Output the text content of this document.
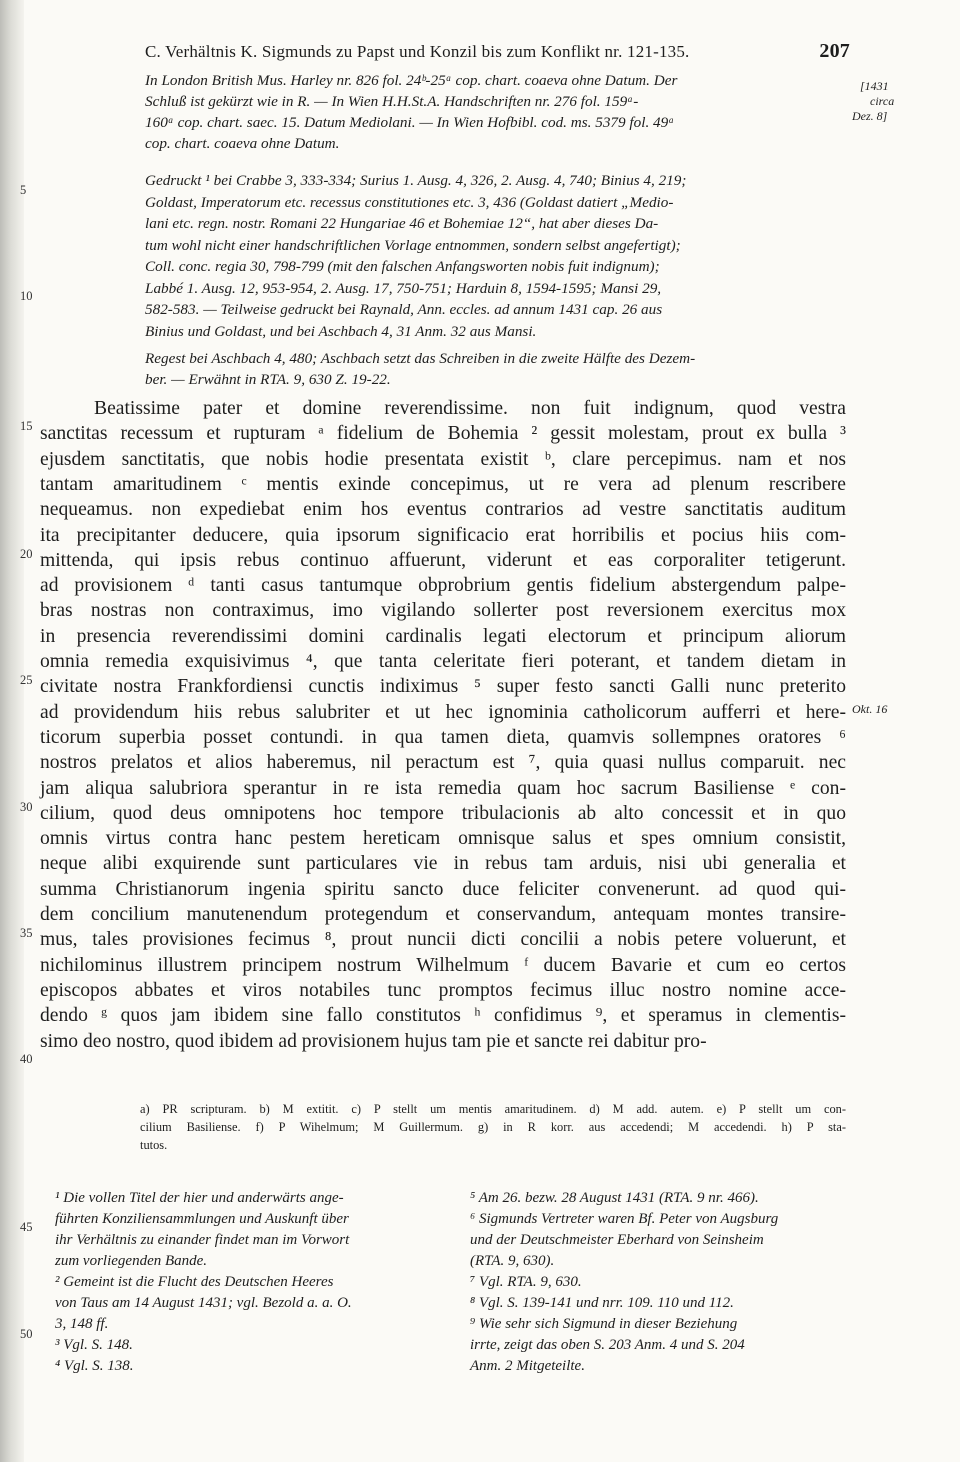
C. Verhältnis K. Sigmunds zu Papst und Konzil bis zum Konflikt nr. 121-135.	207
In London British Mus. Harley nr. 826 fol. 24ᵇ-25ᵃ cop. chart. coaeva ohne Datum. Der
Schluß ist gekürzt wie in R. — In Wien H.H.St.A. Handschriften nr. 276 fol. 159ᵃ-
160ᵃ cop. chart. saec. 15. Datum Mediolani. — In Wien Hofbibl. cod. ms. 5379 fol. 49ᵃ
cop. chart. coaeva ohne Datum.
Gedruckt ¹ bei Crabbe 3, 333-334; Surius 1. Ausg. 4, 326, 2. Ausg. 4, 740; Binius 4, 219;
Goldast, Imperatorum etc. recessus constitutiones etc. 3, 436 (Goldast datiert „Medio-
lani etc. regn. nostr. Romani 22 Hungariae 46 et Bohemiae 12“, hat aber dieses Da-
tum wohl nicht einer handschriftlichen Vorlage entnommen, sondern selbst angefertigt);
Coll. conc. regia 30, 798-799 (mit den falschen Anfangsworten nobis fuit indignum);
Labbé 1. Ausg. 12, 953-954, 2. Ausg. 17, 750-751; Harduin 8, 1594-1595; Mansi 29,
582-583. — Teilweise gedruckt bei Raynald, Ann. eccles. ad annum 1431 cap. 26 aus
Binius und Goldast, und bei Aschbach 4, 31 Anm. 32 aus Mansi.
Regest bei Aschbach 4, 480; Aschbach setzt das Schreiben in die zweite Hälfte des Dezem-
ber. — Erwähnt in RTA. 9, 630 Z. 19-22.
Beatissime pater et domine reverendissime. non fuit indignum, quod vestra
sanctitas recessum et rupturam ᵃ fidelium de Bohemia ² gessit molestam, prout ex bulla ³
ejusdem sanctitatis, que nobis hodie presentata existit ᵇ, clare percepimus. nam et nos
tantam amaritudinem ᶜ mentis exinde concepimus, ut re vera ad plenum rescribere
nequeamus. non expediebat enim hos eventus contrarios ad vestre sanctitatis auditum
ita precipitanter deducere, quia ipsorum significacio erat horribilis et pocius hiis com-
mittenda, qui ipsis rebus continuo affuerunt, viderunt et eas corporaliter tetigerunt.
ad provisionem ᵈ tanti casus tantumque obprobrium gentis fidelium abstergendum palpe-
bras nostras non contraximus, imo vigilando sollerter post reversionem exercitus mox
in presencia reverendissimi domini cardinalis legati electorum et principum aliorum
omnia remedia exquisivimus ⁴, que tanta celeritate fieri poterant, et tandem dietam in
civitate nostra Frankfordiensi cunctis indiximus ⁵ super festo sancti Galli nunc preterito
ad providendum hiis rebus salubriter et ut hec ignominia catholicorum aufferri et here-
ticorum superbia posset contundi. in qua tamen dieta, quamvis sollempnes oratores ⁶
nostros prelatos et alios haberemus, nil peractum est ⁷, quia quasi nullus comparuit. nec
jam aliqua salubriora sperantur in re ista remedia quam hoc sacrum Basiliense ᵉ con-
cilium, quod deus omnipotens hoc tempore tribulacionis ab alto concessit et in quo
omnis virtus contra hanc pestem hereticam omnisque salus et spes omnium consistit,
neque alibi exquirende sunt particulares vie in rebus tam arduis, nisi ubi generalia et
summa Christianorum ingenia spiritu sancto duce feliciter convenerunt. ad quod qui-
dem concilium manutenendum protegendum et conservandum, antequam montes transire-
mus, tales provisiones fecimus ⁸, prout nuncii dicti concilii a nobis petere voluerunt, et
nichilominus illustrem principem nostrum Wilhelmum ᶠ ducem Bavarie et cum eo certos
episcopos abbates et viros notabiles tunc promptos fecimus illuc nostro nomine acce-
dendo ᵍ quos jam ibidem sine fallo constitutos ʰ confidimus ⁹, et speramus in clementis-
simo deo nostro, quod ibidem ad provisionem hujus tam pie et sancte rei dabitur pro-
5
10
15
20
25
30
35
40
45
50
[1431
circa
Dez. 8]
Okt. 16
a) PR scripturam. b) M extitit. c) P stellt um mentis amaritudinem. d) M add. autem. e) P stellt um con-
cilium Basiliense. f) P Wihelmum; M Guillermum. g) in R korr. aus accedendi; M accedendi. h) P sta-
tutos.
¹ Die vollen Titel der hier und anderwärts ange-
führten Konziliensammlungen und Auskunft über
ihr Verhältnis zu einander findet man im Vorwort
zum vorliegenden Bande.
² Gemeint ist die Flucht des Deutschen Heeres
von Taus am 14 August 1431; vgl. Bezold a. a. O.
3, 148 ff.
³ Vgl. S. 148.
⁴ Vgl. S. 138.
⁵ Am 26. bezw. 28 August 1431 (RTA. 9 nr. 466).
⁶ Sigmunds Vertreter waren Bf. Peter von Augsburg
und der Deutschmeister Eberhard von Seinsheim
(RTA. 9, 630).
⁷ Vgl. RTA. 9, 630.
⁸ Vgl. S. 139-141 und nrr. 109. 110 und 112.
⁹ Wie sehr sich Sigmund in dieser Beziehung
irrte, zeigt das oben S. 203 Anm. 4 und S. 204
Anm. 2 Mitgeteilte.
